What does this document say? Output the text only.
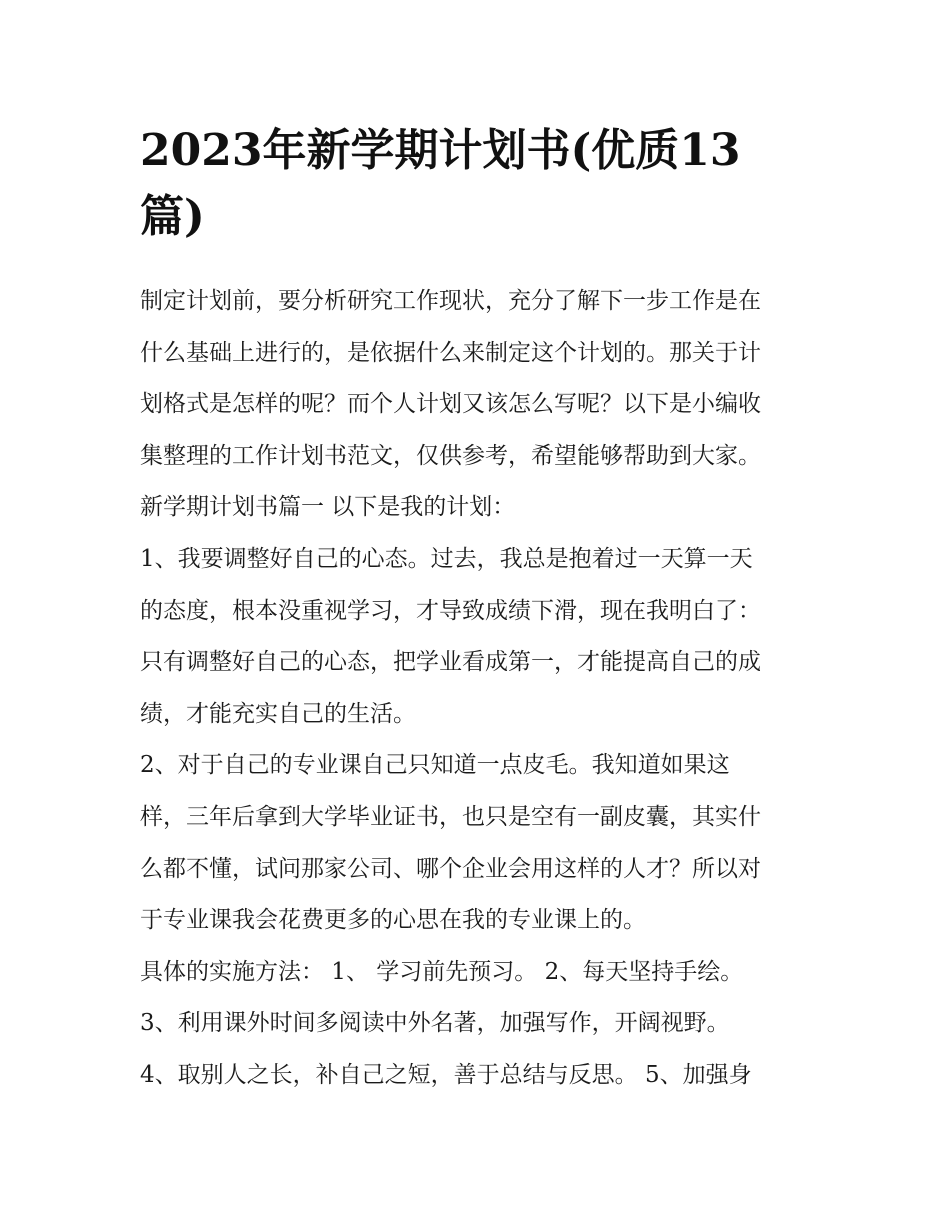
2023年新学期计划书(优质13
篇)
制定计划前，要分析研究工作现状，充分了解下一步工作是在
什么基础上进行的，是依据什么来制定这个计划的。那关于计
划格式是怎样的呢？而个人计划又该怎么写呢？以下是小编收
集整理的工作计划书范文，仅供参考，希望能够帮助到大家。
新学期计划书篇一 以下是我的计划：
1、我要调整好自己的心态。过去，我总是抱着过一天算一天
的态度，根本没重视学习，才导致成绩下滑，现在我明白了：
只有调整好自己的心态，把学业看成第一，才能提高自己的成
绩，才能充实自己的生活。
2、对于自己的专业课自己只知道一点皮毛。我知道如果这
样，三年后拿到大学毕业证书，也只是空有一副皮囊，其实什
么都不懂，试问那家公司、哪个企业会用这样的人才？所以对
于专业课我会花费更多的心思在我的专业课上的。
具体的实施方法： 1、 学习前先预习。 2、每天坚持手绘。
3、利用课外时间多阅读中外名著，加强写作，开阔视野。
4、取别人之长，补自己之短，善于总结与反思。 5、加强身
